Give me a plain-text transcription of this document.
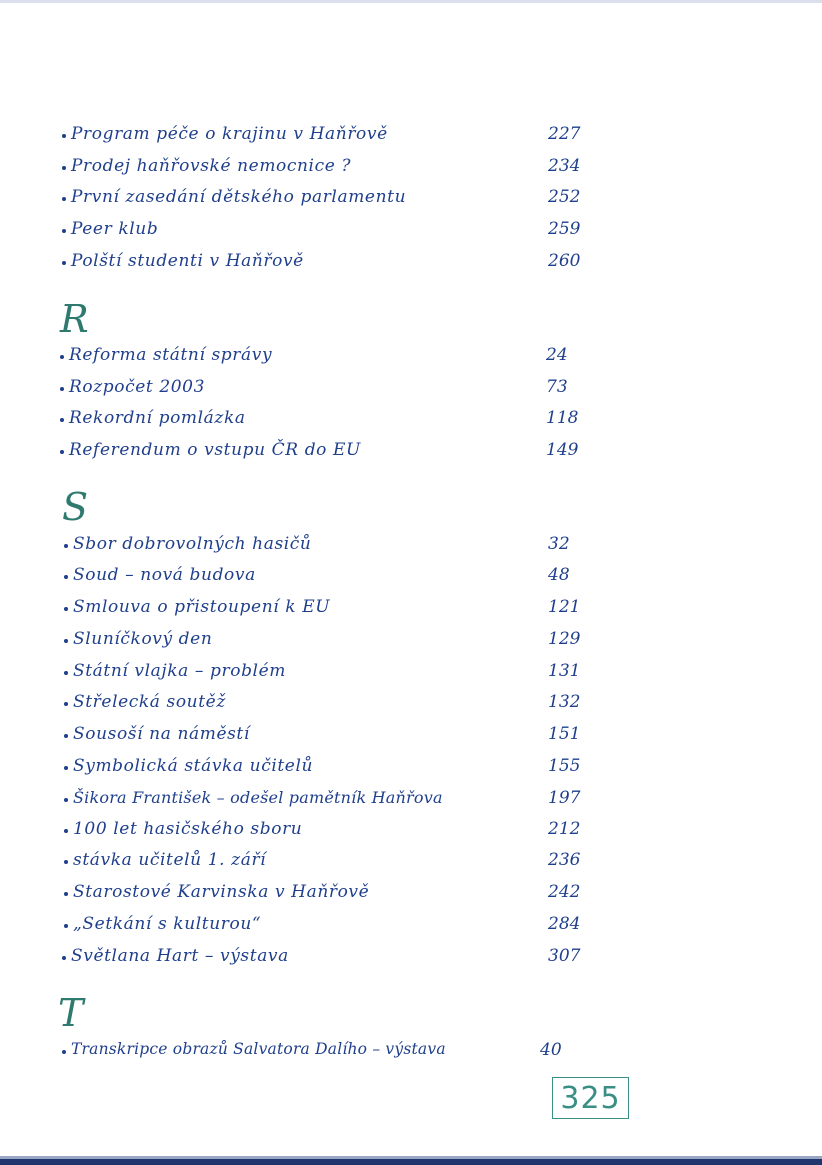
Program péče o krajinu v Haňřově	227
Prodej haňřovské nemocnice ?	234
První zasedání dětského parlamentu	252
Peer klub	259
Polští studenti v Haňřově	260
R
Reforma státní správy	24
Rozpočet 2003	73
Rekordní pomlázka	118
Referendum o vstupu ČR do EU	149
S
Sbor dobrovolných hasičů	32
Soud – nová budova	48
Smlouva o přistoupení k EU	121
Sluníčkový den	129
Státní vlajka – problém	131
Střelecká soutěž	132
Sousoší na náměstí	151
Symbolická stávka učitelů	155
Šikora František – odešel pamětník Haňřova	197
100 let hasičského sboru	212
stávka učitelů 1. září	236
Starostové Karvinska v Haňřově	242
„Setkání s kulturou“	284
Světlana Hart – výstava	307
T
Transkripce obrazů Salvatora Dalího – výstava	40
325
